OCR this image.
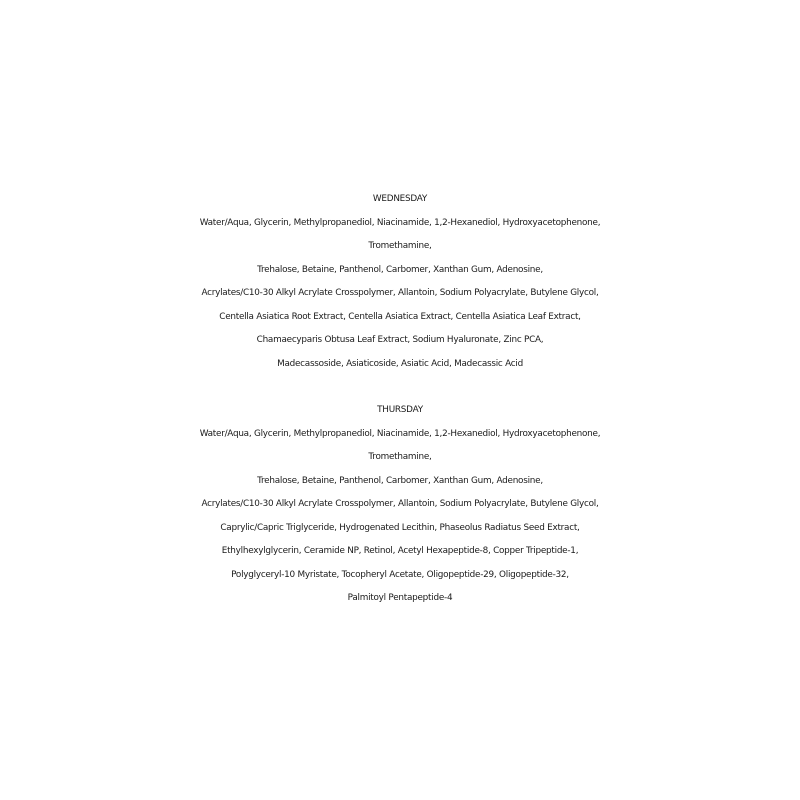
WEDNESDAY
Water/Aqua, Glycerin, Methylpropanediol, Niacinamide, 1,2-Hexanediol, Hydroxyacetophenone,
Tromethamine,
Trehalose, Betaine, Panthenol, Carbomer, Xanthan Gum, Adenosine,
Acrylates/C10-30 Alkyl Acrylate Crosspolymer, Allantoin, Sodium Polyacrylate, Butylene Glycol,
Centella Asiatica Root Extract, Centella Asiatica Extract, Centella Asiatica Leaf Extract,
Chamaecyparis Obtusa Leaf Extract, Sodium Hyaluronate, Zinc PCA,
Madecassoside, Asiaticoside, Asiatic Acid, Madecassic Acid
THURSDAY
Water/Aqua, Glycerin, Methylpropanediol, Niacinamide, 1,2-Hexanediol, Hydroxyacetophenone,
Tromethamine,
Trehalose, Betaine, Panthenol, Carbomer, Xanthan Gum, Adenosine,
Acrylates/C10-30 Alkyl Acrylate Crosspolymer, Allantoin, Sodium Polyacrylate, Butylene Glycol,
Caprylic/Capric Triglyceride, Hydrogenated Lecithin, Phaseolus Radiatus Seed Extract,
Ethylhexylglycerin, Ceramide NP, Retinol, Acetyl Hexapeptide-8, Copper Tripeptide-1,
Polyglyceryl-10 Myristate, Tocopheryl Acetate, Oligopeptide-29, Oligopeptide-32,
Palmitoyl Pentapeptide-4
